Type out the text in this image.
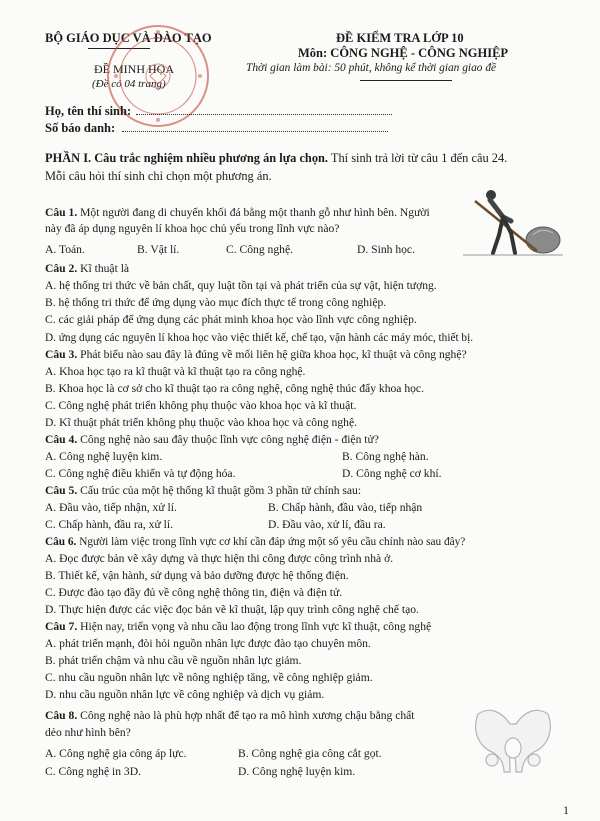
BỘ GIÁO DỤC VÀ ĐÀO TẠO
ĐỀ MINH HỌA
(Đề có 04 trang)
ĐỀ KIỂM TRA LỚP 10
Môn: CÔNG NGHỆ - CÔNG NGHIỆP
Thời gian làm bài: 50 phút, không kể thời gian giao đề
Họ, tên thí sinh:
Số báo danh:
PHẦN I. Câu trắc nghiệm nhiều phương án lựa chọn. Thí sinh trả lời từ câu 1 đến câu 24.
Mỗi câu hỏi thí sinh chỉ chọn một phương án.
Câu 1. Một người đang di chuyển khối đá bằng một thanh gỗ như hình bên. Người
này đã áp dụng nguyên lí khoa học chủ yếu trong lĩnh vực nào?
A. Toán.	B. Vật lí.	C. Công nghệ.	D. Sinh học.
Câu 2. Kĩ thuật là
A. hệ thống tri thức về bản chất, quy luật tồn tại và phát triển của sự vật, hiện tượng.
B. hệ thống tri thức để ứng dụng vào mục đích thực tế trong công nghiệp.
C. các giải pháp để ứng dụng các phát minh khoa học vào lĩnh vực công nghiệp.
D. ứng dụng các nguyên lí khoa học vào việc thiết kế, chế tạo, vận hành các máy móc, thiết bị.
Câu 3. Phát biểu nào sau đây là đúng về mối liên hệ giữa khoa học, kĩ thuật và công nghệ?
A. Khoa học tạo ra kĩ thuật và kĩ thuật tạo ra công nghệ.
B. Khoa học là cơ sở cho kĩ thuật tạo ra công nghệ, công nghệ thúc đẩy khoa học.
C. Công nghệ phát triển không phụ thuộc vào khoa học và kĩ thuật.
D. Kĩ thuật phát triển không phụ thuộc vào khoa học và công nghệ.
Câu 4. Công nghệ nào sau đây thuộc lĩnh vực công nghệ điện - điện tử?
A. Công nghệ luyện kim.	B. Công nghệ hàn.
C. Công nghệ điều khiển và tự động hóa.	D. Công nghệ cơ khí.
Câu 5. Cấu trúc của một hệ thống kĩ thuật gồm 3 phần tử chính sau:
A. Đầu vào, tiếp nhận, xử lí.	B. Chấp hành, đầu vào, tiếp nhận
C. Chấp hành, đầu ra, xử lí.	D. Đầu vào, xử lí, đầu ra.
Câu 6. Người làm việc trong lĩnh vực cơ khí cần đáp ứng một số yêu cầu chính nào sau đây?
A. Đọc được bản vẽ xây dựng và thực hiện thi công được công trình nhà ở.
B. Thiết kế, vận hành, sử dụng và bảo dưỡng được hệ thống điện.
C. Được đào tạo đầy đủ về công nghệ thông tin, điện và điện tử.
D. Thực hiện được các việc đọc bản vẽ kĩ thuật, lập quy trình công nghệ chế tạo.
Câu 7. Hiện nay, triển vọng và nhu cầu lao động trong lĩnh vực kĩ thuật, công nghệ
A. phát triển mạnh, đòi hỏi nguồn nhân lực được đào tạo chuyên môn.
B. phát triển chậm và nhu cầu về nguồn nhân lực giảm.
C. nhu cầu nguồn nhân lực về nông nghiệp tăng, về công nghiệp giảm.
D. nhu cầu nguồn nhân lực về công nghiệp và dịch vụ giảm.
Câu 8. Công nghệ nào là phù hợp nhất để tạo ra mô hình xương chậu bằng chất
dẻo như hình bên?
A. Công nghệ gia công áp lực.	B. Công nghệ gia công cắt gọt.
C. Công nghệ in 3D.	D. Công nghệ luyện kim.
1
